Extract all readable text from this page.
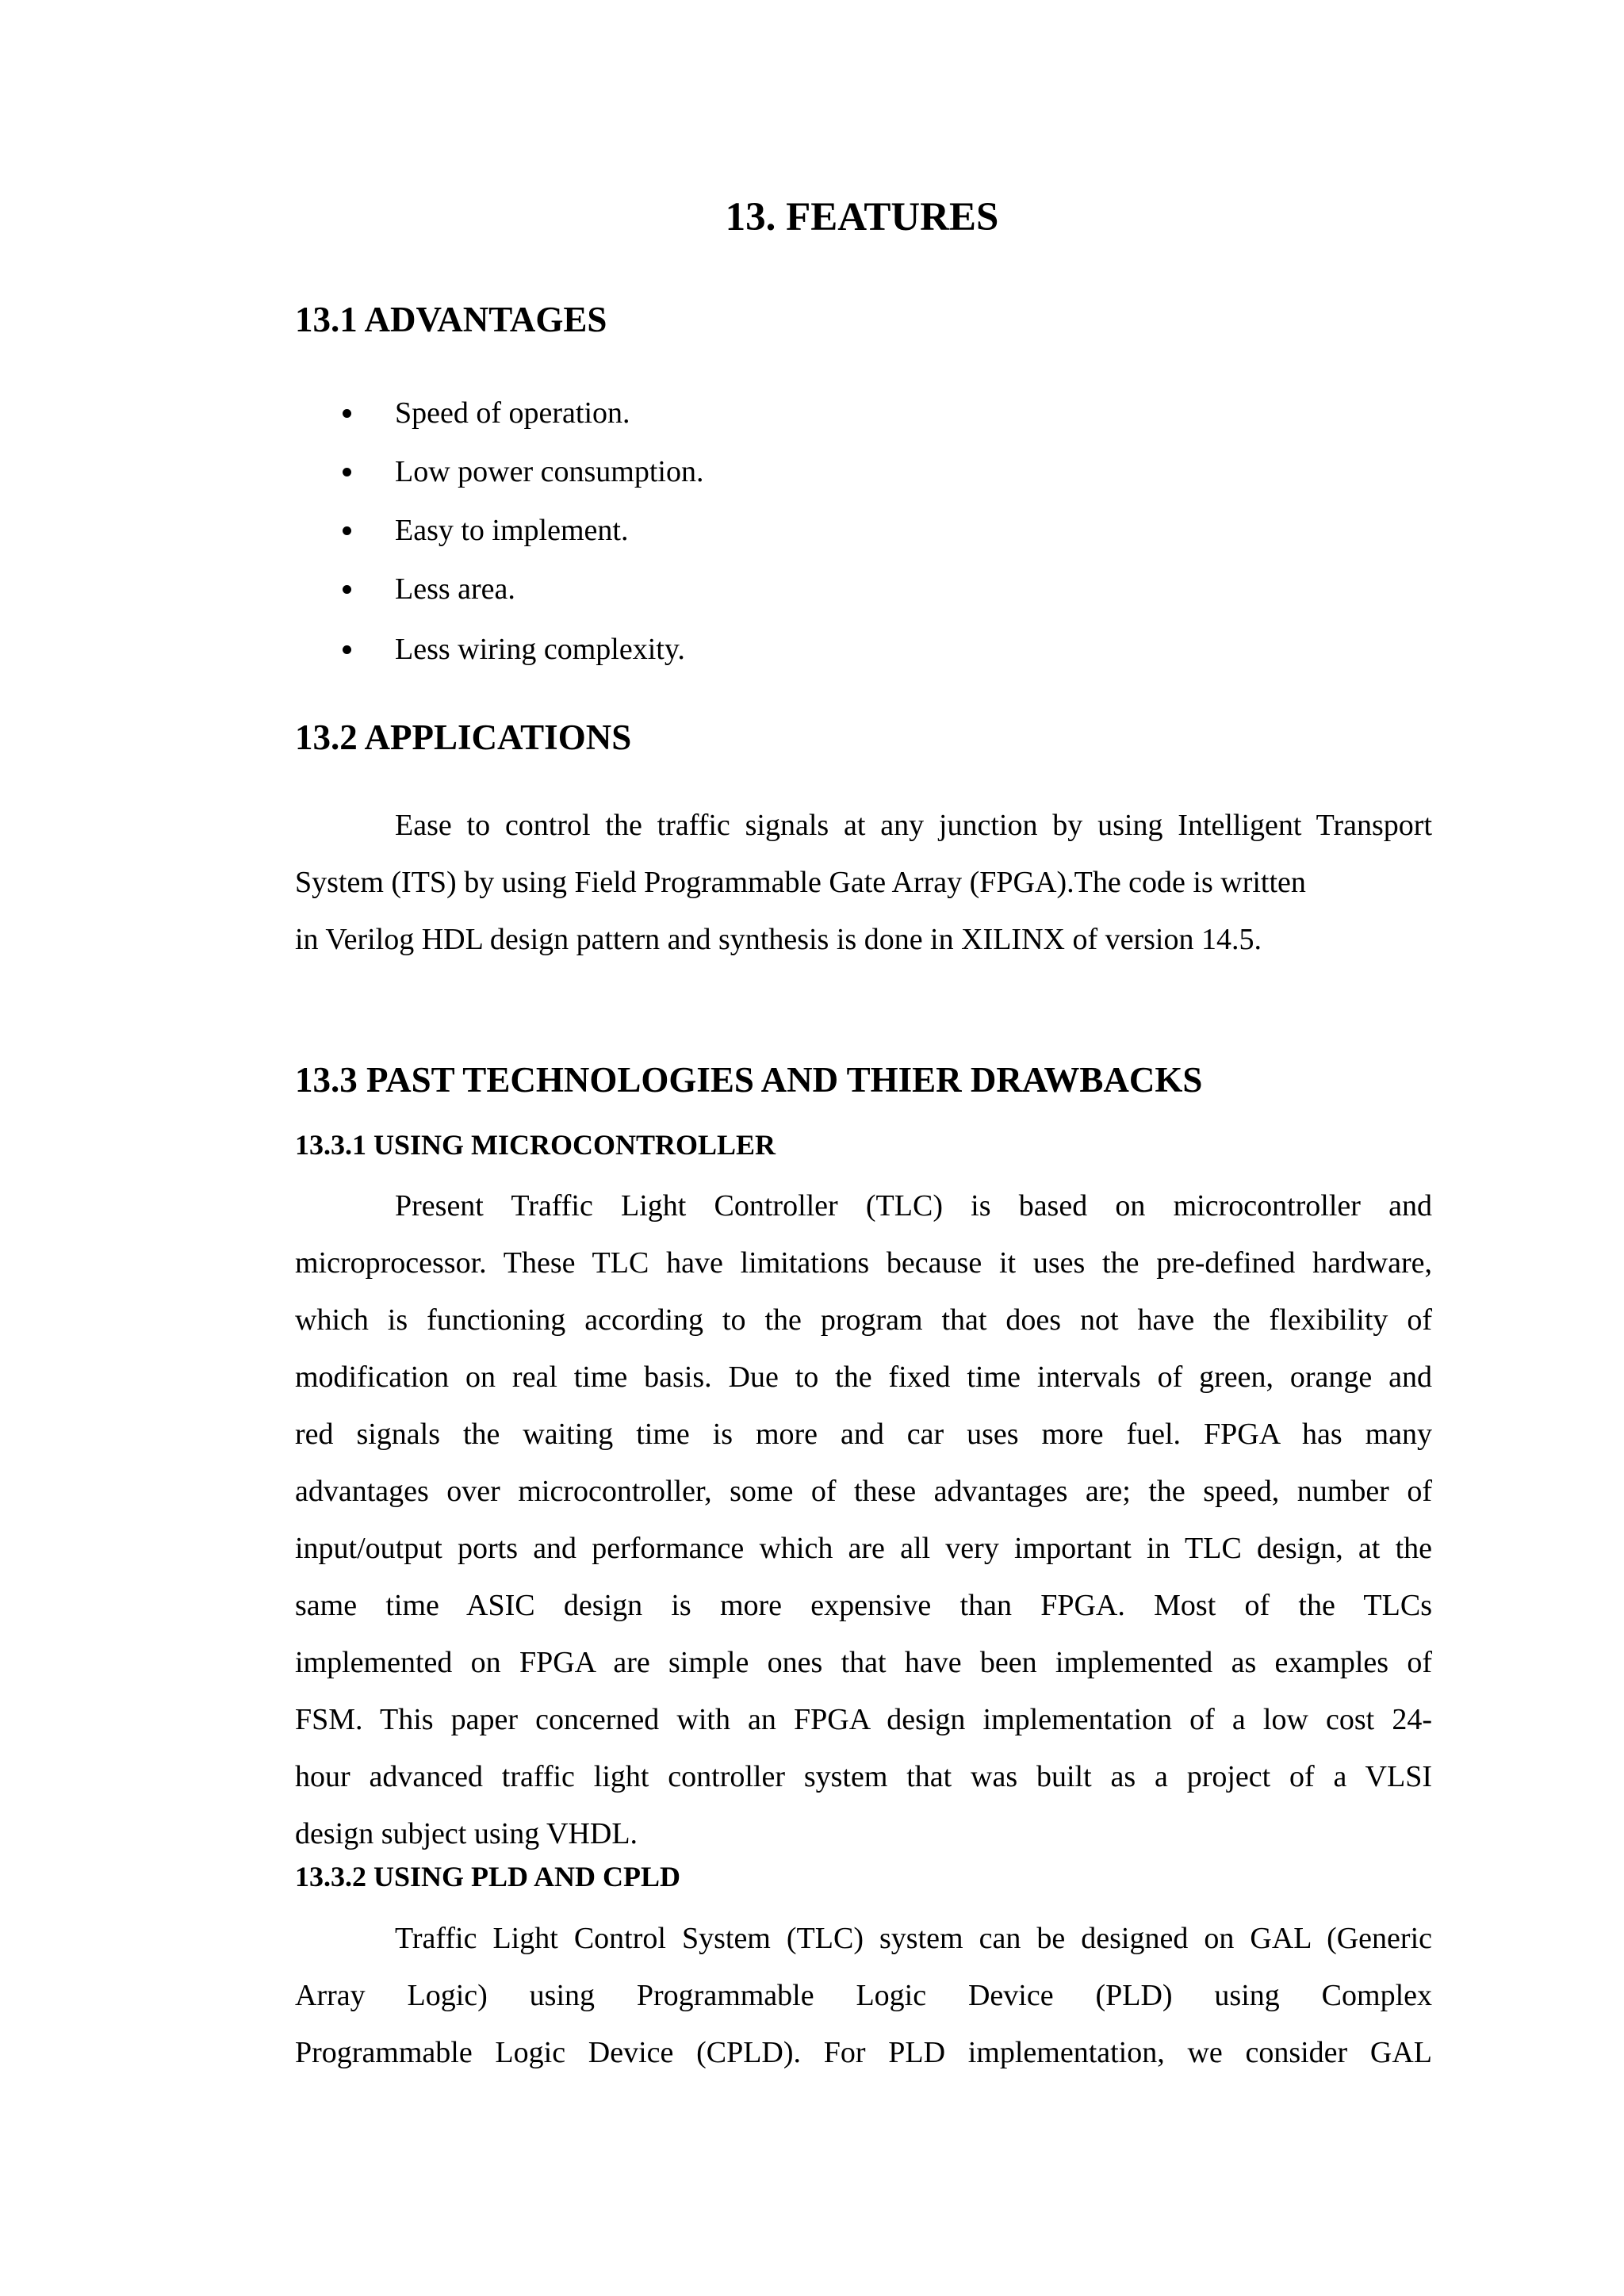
13. FEATURES
13.1 ADVANTAGES
Speed of operation.
Low power consumption.
Easy to implement.
Less area.
Less wiring complexity.
13.2 APPLICATIONS

Ease to control the traffic signals at any junction by using Intelligent Transport

System (ITS) by using Field Programmable Gate Array (FPGA).The code is written

in Verilog HDL design pattern and synthesis is done in XILINX of version 14.5.

13.3 PAST TECHNOLOGIES AND THIER DRAWBACKS
13.3.1 USING MICROCONTROLLER

Present Traffic Light Controller (TLC) is based on microcontroller and

microprocessor. These TLC have limitations because it uses the pre-defined hardware,

which is functioning according to the program that does not have the flexibility of

modification on real time basis. Due to the fixed time intervals of green, orange and

red signals the waiting time is more and car uses more fuel. FPGA has many

advantages over microcontroller, some of these advantages are; the speed, number of

input/output ports and performance which are all very important in TLC design, at the

same time ASIC design is more expensive than FPGA. Most of the TLCs

implemented on FPGA are simple ones that have been implemented as examples of

FSM. This paper concerned with an FPGA design implementation of a low cost 24-

hour advanced traffic light controller system that was built as a project of a VLSI

design subject using VHDL.

13.3.2 USING PLD AND CPLD

Traffic Light Control System (TLC) system can be designed on GAL (Generic

Array Logic) using Programmable Logic Device (PLD) using Complex

Programmable Logic Device (CPLD). For PLD implementation, we consider GAL
